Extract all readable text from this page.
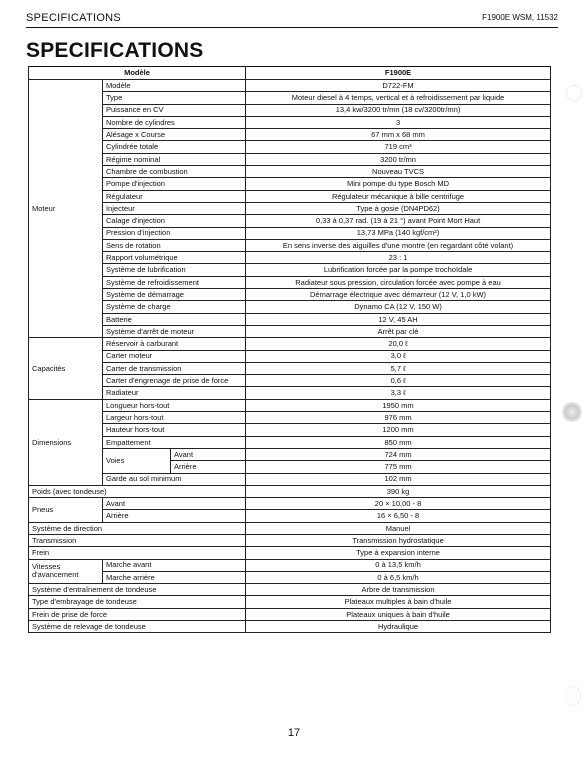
SPECIFICATIONS	F1900E WSM, 11532
SPECIFICATIONS
Modèle			F1900E
Moteur	Modèle		D722-FM
	Type		Moteur diesel à 4 temps, vertical et à refroidissement par liquide
	Puissance en CV		13,4 kw/3200 tr/mn (18 cv/3200tr/mn)
	Nombre de cylindres		3
	Alésage x Course		67 mm x 68 mm
	Cylindrée totale		719 cm³
	Régime nominal		3200 tr/mn
	Chambre de combustion		Nouveau TVCS
	Pompe d'injection		Mini pompe du type Bosch MD
	Régulateur		Régulateur mécanique à bille centrifuge
	Injecteur		Type à gosie (DN4PD62)
	Calage d'injection		0,33 à 0,37 rad. (19 à 21 °) avant Point Mort Haut
	Pression d'injection		13,73 MPa (140 kgf/cm²)
	Sens de rotation		En sens inverse des aiguilles d'une montre (en regardant côté volant)
	Rapport volumétrique		23 : 1
	Système de lubrification		Lubrification forcée par la pompe trochoïdale
	Système de refroidissement		Radiateur sous pression, circulation forcée avec pompe à eau
	Système de démarrage		Démarrage électrique avec démarreur (12 V, 1,0 kW)
	Système de charge		Dynamo CA (12 V, 150 W)
	Batterie		12 V, 45 AH
	Système d'arrêt de moteur		Arrêt par clé
Capacités	Réservoir à carburant		20,0 ℓ
	Carter moteur		3,0 ℓ
	Carter de transmission		5,7 ℓ
	Carter d'engrenage de prise de force		0,6 ℓ
	Radiateur		3,3 ℓ
Dimensions	Longueur hors-tout		1950 mm
	Largeur hors-tout		976 mm
	Hauteur hors-tout		1200 mm
	Empattement		850 mm
	Voies	Avant	724 mm
		Arrière	775 mm
	Garde au sol minimum		102 mm
Poids (avec tondeuse)			390 kg
Pneus	Avant		20 × 10,00 - 8
	Arrière		16 × 6,50 - 8
Système de direction			Manuel
Transmission			Transmission hydrostatique
Frein			Type à expansion interne

Vitesses
d'avancement	Marche avant		0 à 13,5 km/h
	Marche arrière		0 à 6,5 km/h
Système d'entraînement de tondeuse			Arbre de transmission
Type d'embrayage de tondeuse			Plateaux multiples à bain d'huile
Frein de prise de force			Plateaux uniques à bain d'huile
Système de relevage de tondeuse			Hydraulique
17
